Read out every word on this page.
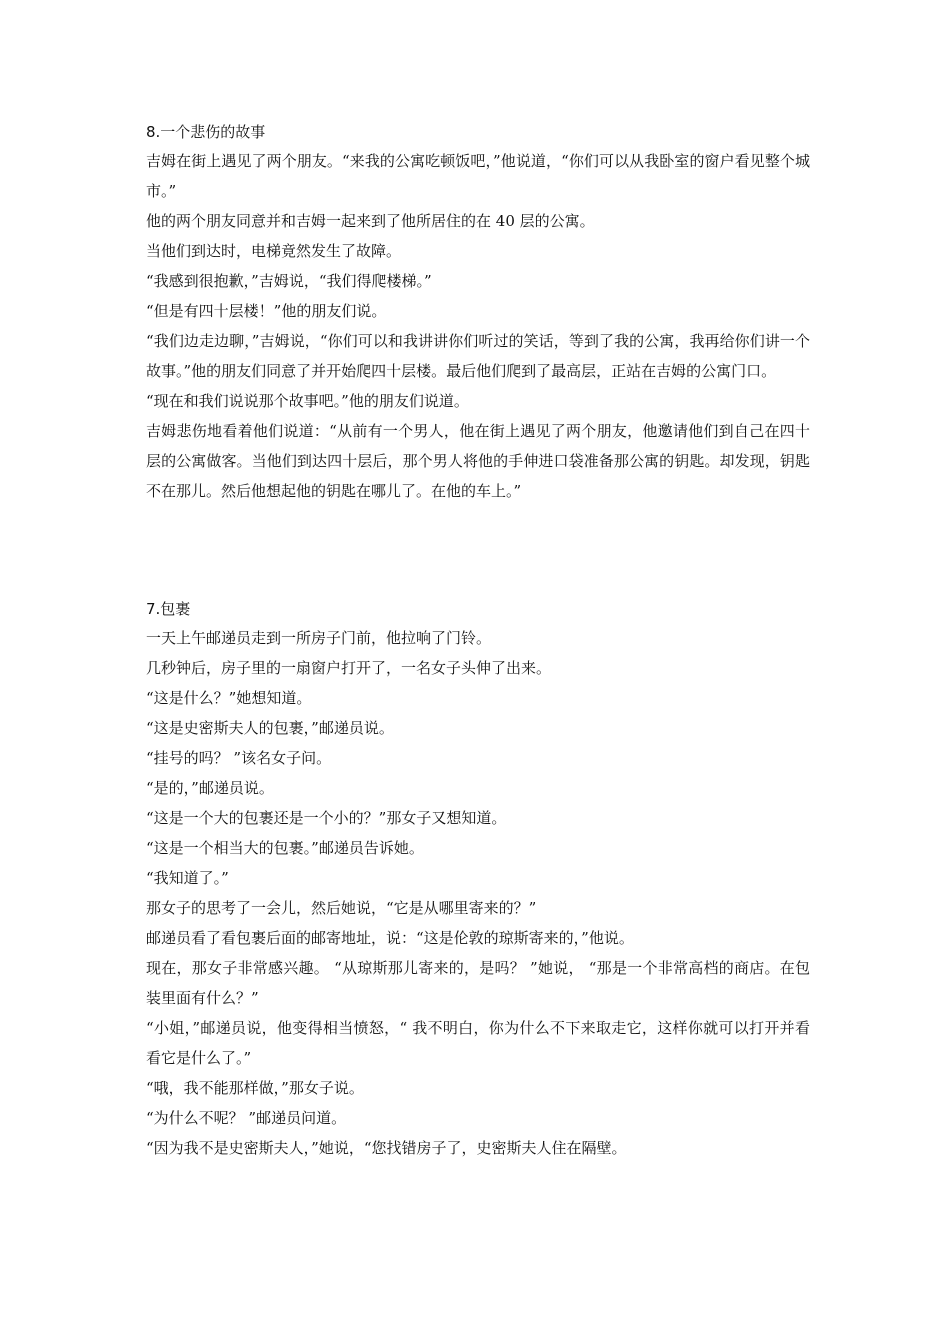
8.一个悲伤的故事

吉姆在街上遇见了两个朋友。“来我的公寓吃顿饭吧，”他说道，“你们可以从我卧室的窗户看见整个城市。”

他的两个朋友同意并和吉姆一起来到了他所居住的在 40 层的公寓。

当他们到达时，电梯竟然发生了故障。

“我感到很抱歉，”吉姆说，“我们得爬楼梯。”

“但是有四十层楼！”他的朋友们说。

“我们边走边聊，”吉姆说，“你们可以和我讲讲你们听过的笑话，等到了我的公寓，我再给你们讲一个故事。”他的朋友们同意了并开始爬四十层楼。最后他们爬到了最高层，正站在吉姆的公寓门口。

“现在和我们说说那个故事吧。”他的朋友们说道。

吉姆悲伤地看着他们说道：“从前有一个男人，他在街上遇见了两个朋友，他邀请他们到自己在四十层的公寓做客。当他们到达四十层后，那个男人将他的手伸进口袋准备那公寓的钥匙。却发现，钥匙不在那儿。然后他想起他的钥匙在哪儿了。在他的车上。”

7.包裹

一天上午邮递员走到一所房子门前，他拉响了门铃。

几秒钟后，房子里的一扇窗户打开了，一名女子头伸了出来。

“这是什么？”她想知道。

“这是史密斯夫人的包裹，”邮递员说。

“挂号的吗？ ”该名女子问。

“是的，”邮递员说。

“这是一个大的包裹还是一个小的？”那女子又想知道。

“这是一个相当大的包裹。”邮递员告诉她。

“我知道了。”

那女子的思考了一会儿，然后她说，“它是从哪里寄来的？”

邮递员看了看包裹后面的邮寄地址，说：“这是伦敦的琼斯寄来的，”他说。

现在，那女子非常感兴趣。 “从琼斯那儿寄来的，是吗？ ”她说， “那是一个非常高档的商店。在包装里面有什么？”

“小姐，”邮递员说，他变得相当愤怒，“ 我不明白，你为什么不下来取走它，这样你就可以打开并看看它是什么了。”

“哦，我不能那样做，”那女子说。

“为什么不呢？ ”邮递员问道。

“因为我不是史密斯夫人，”她说，“您找错房子了，史密斯夫人住在隔壁。
